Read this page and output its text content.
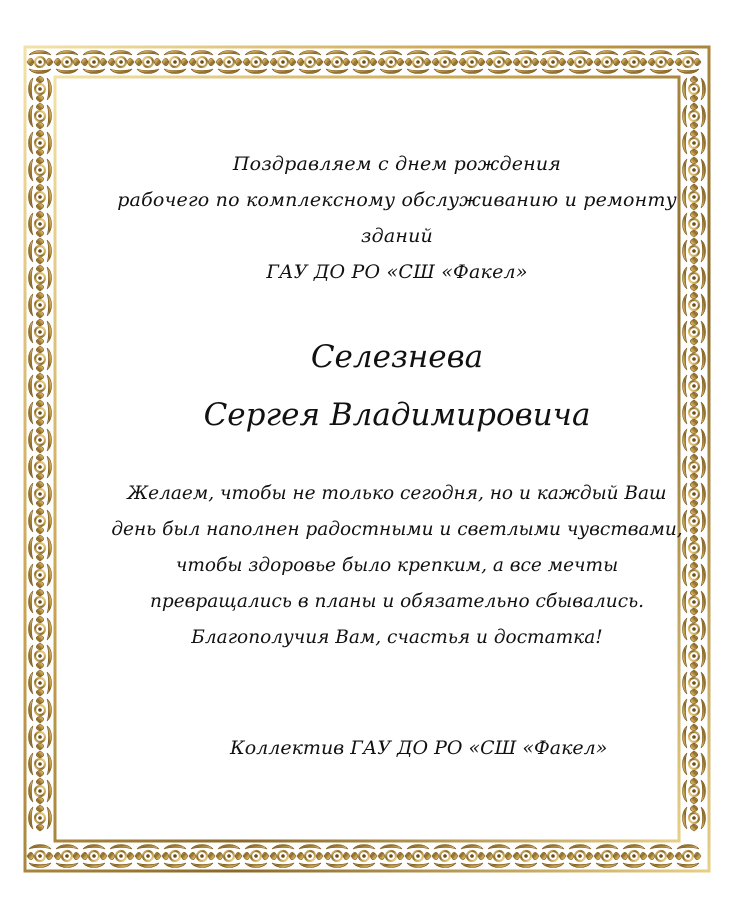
Поздравляем с днем рождения
рабочего по комплексному обслуживанию и ремонту
зданий
ГАУ ДО РО «СШ «Факел»
Селезнева
Сергея Владимировича
Желаем, чтобы не только сегодня, но и каждый Ваш
день был наполнен радостными и светлыми чувствами,
чтобы здоровье было крепким, а все мечты
превращались в планы и обязательно сбывались.
Благополучия Вам, счастья и достатка!
Коллектив ГАУ ДО РО «СШ «Факел»
